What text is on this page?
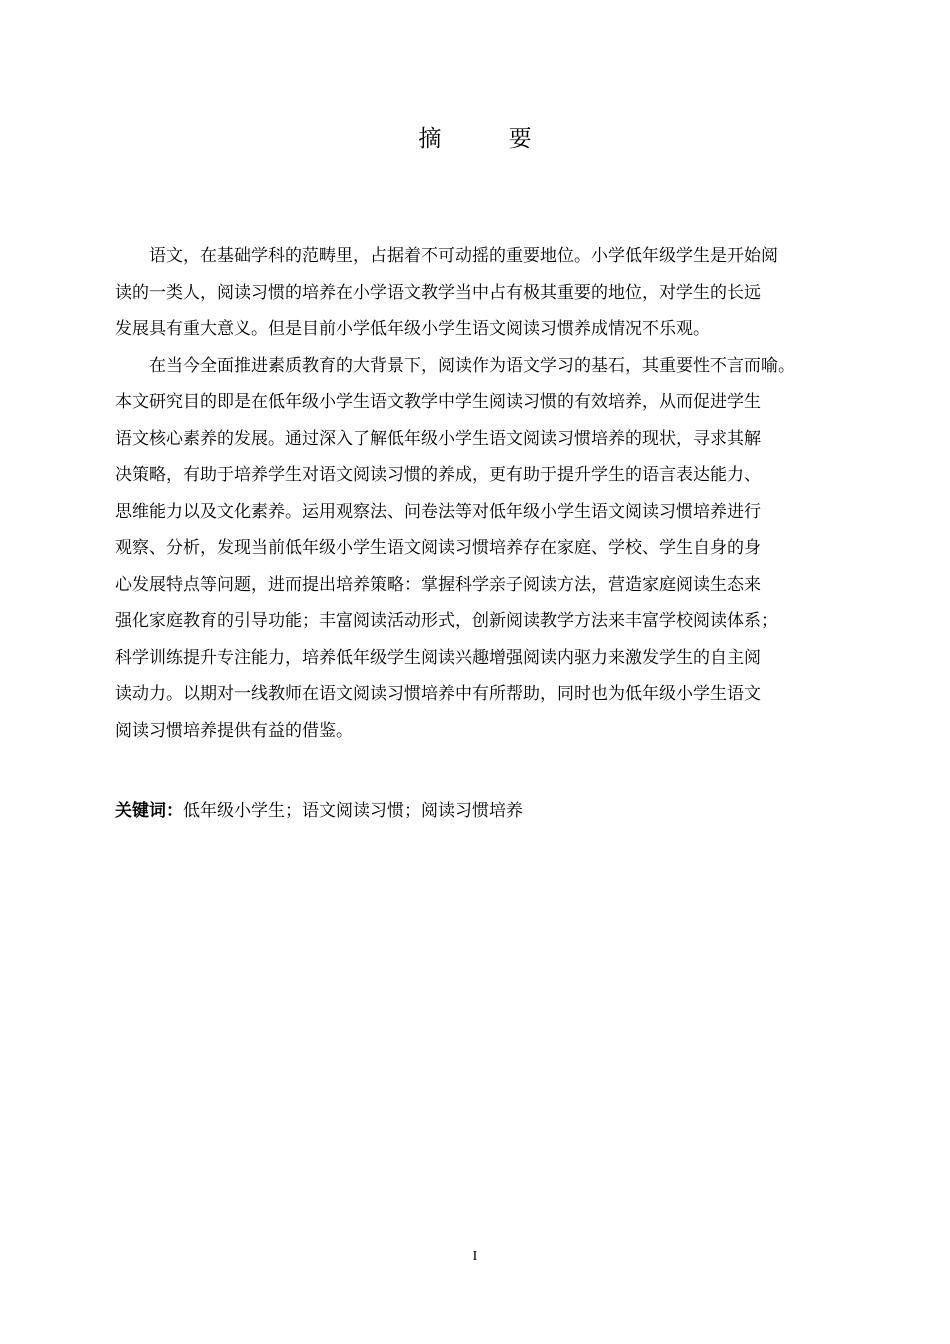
摘 要

语文，在基础学科的范畴里，占据着不可动摇的重要地位。小学低年级学生是开始阅
读的一类人，阅读习惯的培养在小学语文教学当中占有极其重要的地位，对学生的长远
发展具有重大意义。但是目前小学低年级小学生语文阅读习惯养成情况不乐观。

在当今全面推进素质教育的大背景下，阅读作为语文学习的基石，其重要性不言而喻。
本文研究目的即是在低年级小学生语文教学中学生阅读习惯的有效培养，从而促进学生
语文核心素养的发展。通过深入了解低年级小学生语文阅读习惯培养的现状，寻求其解
决策略，有助于培养学生对语文阅读习惯的养成，更有助于提升学生的语言表达能力、
思维能力以及文化素养。运用观察法、问卷法等对低年级小学生语文阅读习惯培养进行
观察、分析，发现当前低年级小学生语文阅读习惯培养存在家庭、学校、学生自身的身
心发展特点等问题，进而提出培养策略：掌握科学亲子阅读方法，营造家庭阅读生态来
强化家庭教育的引导功能；丰富阅读活动形式，创新阅读教学方法来丰富学校阅读体系；
科学训练提升专注能力，培养低年级学生阅读兴趣增强阅读内驱力来激发学生的自主阅
读动力。以期对一线教师在语文阅读习惯培养中有所帮助，同时也为低年级小学生语文
阅读习惯培养提供有益的借鉴。

关键词：低年级小学生；语文阅读习惯；阅读习惯培养
I
